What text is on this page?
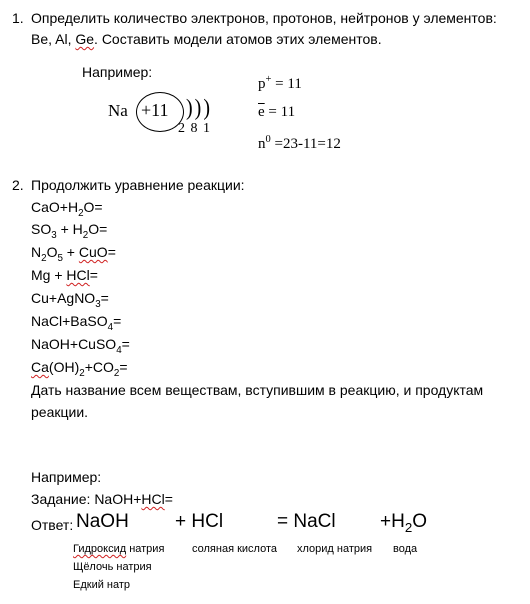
1. Определить количество электронов, протонов, нейтронов у элементов:
Be, Al, Ge. Составить модели атомов этих элементов.
Например:
Na +11 )))
2 8 1
p+ = 11
$\overline{e} = 11$
$n^0 =23-11=12$
2. Продолжить уравнение реакции:
$CaO+H_2O=$
$SO_3 + H_2O=$
$N_2O_5 + CuO=$
Mg + HCl=
Cu+AgNO$_3$=
NaCl+BaSO$_4$=
NaOH+CuSO$_4$=
$Ca(OH)_2+CO_2=$
Дать название всем веществам, вступившим в реакцию, и продуктам
реакции.
Например:
Задание: NaOH+HCl=
Ответ: NaOH + HCl	= NaCl $+H_2O$
Гидроксид натрия	соляная кислота хлорид натрия вода
Щёлочь натрия
Едкий натр
